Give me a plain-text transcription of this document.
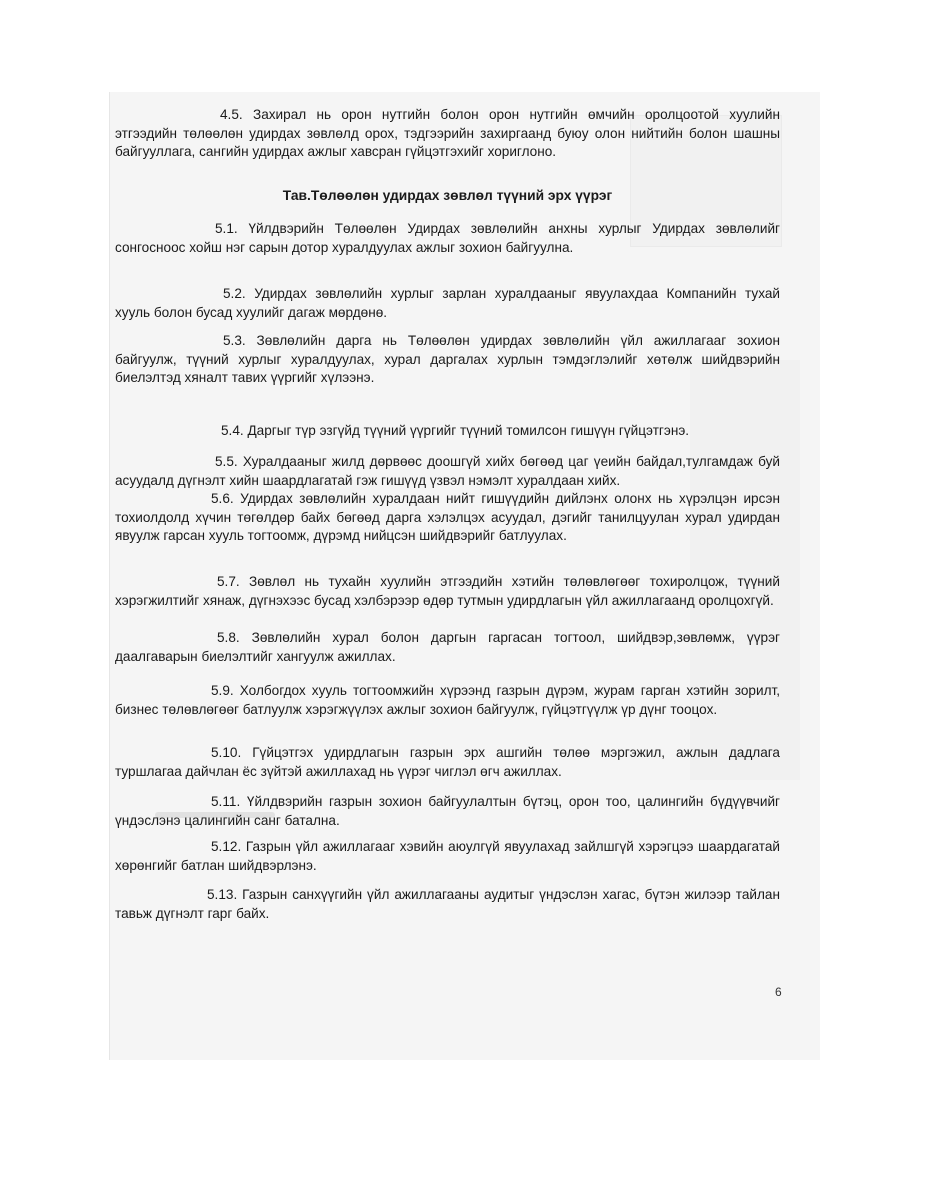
4.5. Захирал нь орон нутгийн болон орон нутгийн өмчийн оролцоотой хуулийн этгээдийн төлөөлөн удирдах зөвлөлд орох, тэдгээрийн захиргаанд буюу олон нийтийн болон шашны байгууллага, сангийн удирдах ажлыг хавсран гүйцэтгэхийг хориглоно.

Тав.Төлөөлөн удирдах зөвлөл түүний эрх үүрэг

5.1. Үйлдвэрийн Төлөөлөн Удирдах зөвлөлийн анхны хурлыг Удирдах зөвлөлийг сонгосноос хойш нэг сарын дотор хуралдуулах ажлыг зохион байгуулна.

5.2. Удирдах зөвлөлийн хурлыг зарлан хуралдааныг явуулахдаа Компанийн тухай хууль болон бусад хуулийг дагаж мөрдөнө.

5.3. Зөвлөлийн дарга нь Төлөөлөн удирдах зөвлөлийн үйл ажиллагааг зохион байгуулж, түүний хурлыг хуралдуулах, хурал даргалах хурлын тэмдэглэлийг хөтөлж шийдвэрийн биелэлтэд хяналт тавих үүргийг хүлээнэ.

5.4. Даргыг түр эзгүйд түүний үүргийг түүний томилсон гишүүн гүйцэтгэнэ.

5.5. Хуралдааныг жилд дөрвөөс доошгүй хийх бөгөөд цаг үеийн байдал,тулгамдаж буй асуудалд дүгнэлт хийн шаардлагатай гэж гишүүд үзвэл нэмэлт хуралдаан хийх.

5.6. Удирдах зөвлөлийн хуралдаан нийт гишүүдийн дийлэнх олонх нь хүрэлцэн ирсэн тохиолдолд хүчин төгөлдөр байх бөгөөд дарга хэлэлцэх асуудал, дэгийг танилцуулан хурал удирдан явуулж гарсан хууль тогтоомж, дүрэмд нийцсэн шийдвэрийг батлуулах.

5.7. Зөвлөл нь тухайн хуулийн этгээдийн хэтийн төлөвлөгөөг тохиролцож, түүний хэрэгжилтийг хянаж, дүгнэхээс бусад хэлбэрээр өдөр тутмын удирдлагын үйл ажиллагаанд оролцохгүй.

5.8. Зөвлөлийн хурал болон даргын гаргасан тогтоол, шийдвэр,зөвлөмж, үүрэг даалгаварын биелэлтийг хангуулж ажиллах.

5.9. Холбогдох хууль тогтоомжийн хүрээнд газрын дүрэм, журам гарган хэтийн зорилт, бизнес төлөвлөгөөг батлуулж хэрэгжүүлэх ажлыг зохион байгуулж, гүйцэтгүүлж үр дүнг тооцох.

5.10. Гүйцэтгэх удирдлагын газрын эрх ашгийн төлөө мэргэжил, ажлын дадлага туршлагаа дайчлан ёс зүйтэй ажиллахад нь үүрэг чиглэл өгч ажиллах.

5.11. Үйлдвэрийн газрын зохион байгуулалтын бүтэц, орон тоо, цалингийн бүдүүвчийг үндэслэнэ цалингийн санг батална.

5.12. Газрын үйл ажиллагааг хэвийн аюулгүй явуулахад зайлшгүй хэрэгцээ шаардагатай хөрөнгийг батлан шийдвэрлэнэ.

5.13. Газрын санхүүгийн үйл ажиллагааны аудитыг үндэслэн хагас, бүтэн жилээр тайлан тавьж дүгнэлт гарг байх.

6
